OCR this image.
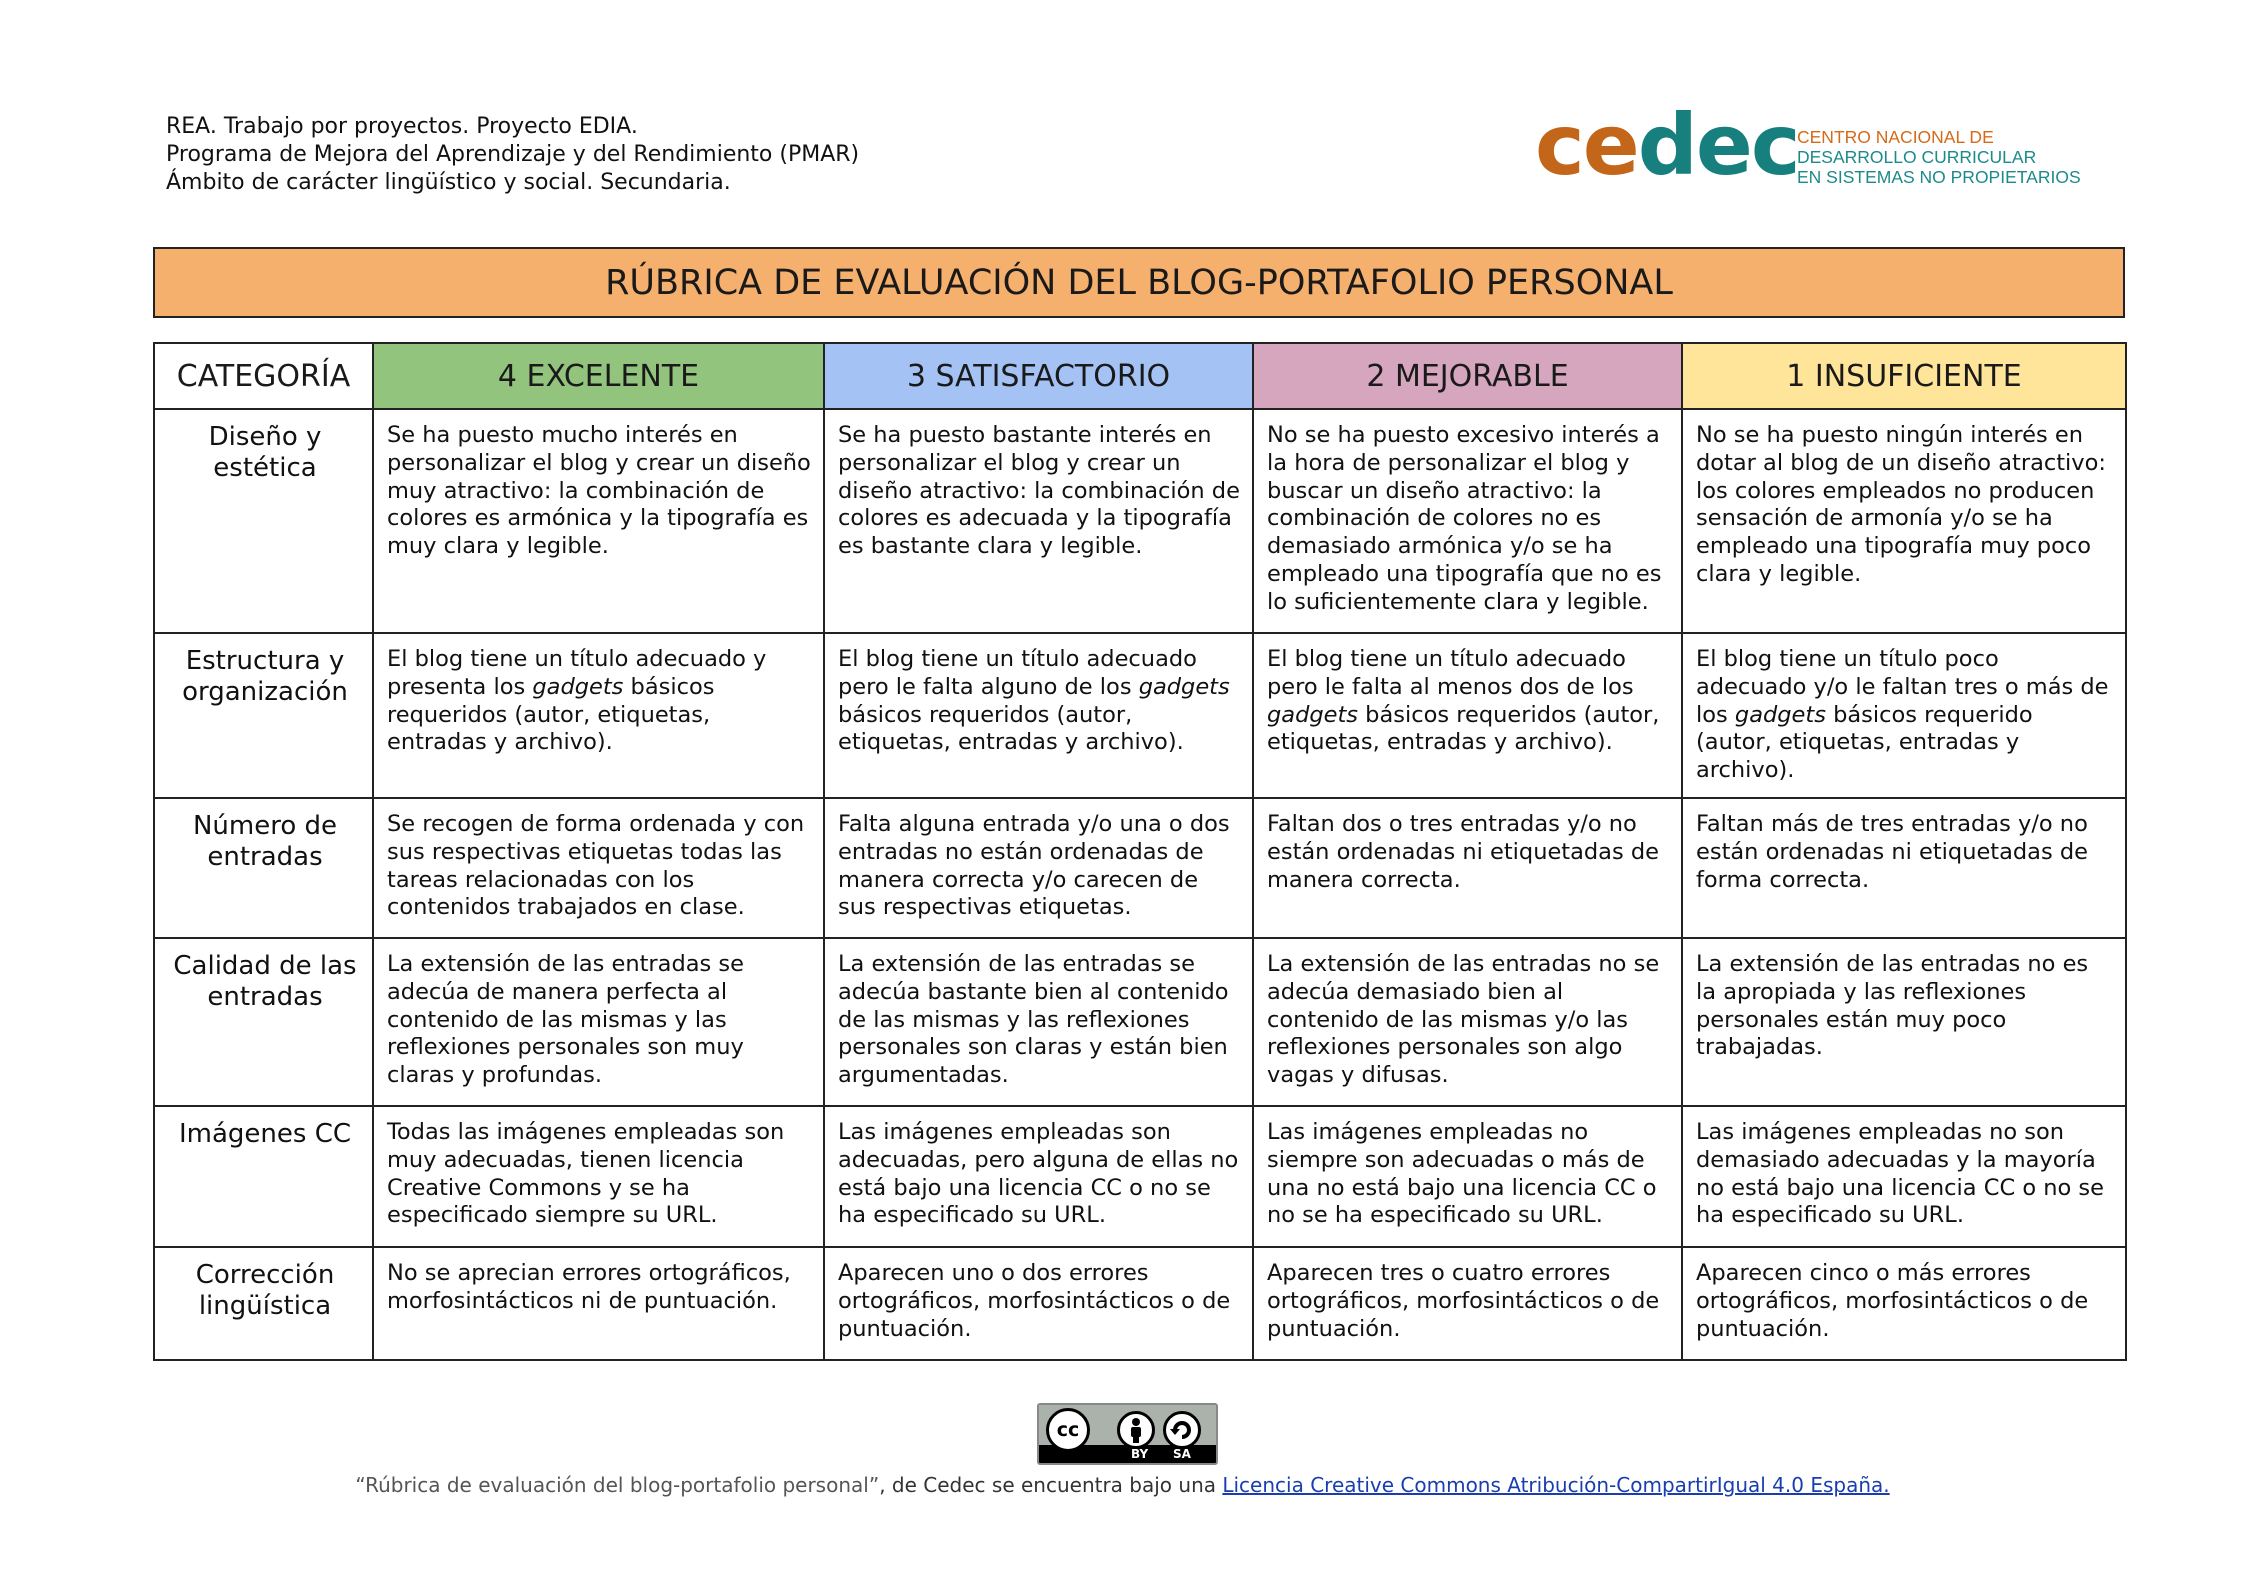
REA. Trabajo por proyectos. Proyecto EDIA.
Programa de Mejora del Aprendizaje y del Rendimiento (PMAR)
Ámbito de carácter lingüístico y social. Secundaria.	cedec
CENTRO NACIONAL DE
DESARROLLO CURRICULAR
EN SISTEMAS NO PROPIETARIOS
RÚBRICA DE EVALUACIÓN DEL BLOG-PORTAFOLIO PERSONAL
CATEGORÍA	4 EXCELENTE	3 SATISFACTORIO	2 MEJORABLE	1 INSUFICIENTE
Diseño y estética	Se ha puesto mucho interés en personalizar el blog y crear un diseño muy atractivo: la combinación de colores es armónica y la tipografía es muy clara y legible.	Se ha puesto bastante interés en personalizar el blog y crear un diseño atractivo: la combinación de colores es adecuada y la tipografía es bastante clara y legible.	No se ha puesto excesivo interés a la hora de personalizar el blog y buscar un diseño atractivo: la combinación de colores no es demasiado armónica y/o se ha empleado una tipografía que no es lo suficientemente clara y legible.	No se ha puesto ningún interés en dotar al blog de un diseño atractivo: los colores empleados no producen sensación de armonía y/o se ha empleado una tipografía muy poco clara y legible.
Estructura y organización	El blog tiene un título adecuado y presenta los gadgets básicos requeridos (autor, etiquetas, entradas y archivo).	El blog tiene un título adecuado pero le falta alguno de los gadgets básicos requeridos (autor, etiquetas, entradas y archivo).	El blog tiene un título adecuado pero le falta al menos dos de los gadgets básicos requeridos (autor, etiquetas, entradas y archivo).	El blog tiene un título poco adecuado y/o le faltan tres o más de los gadgets básicos requerido (autor, etiquetas, entradas y archivo).
Número de entradas	Se recogen de forma ordenada y con sus respectivas etiquetas todas las tareas relacionadas con los contenidos trabajados en clase.	Falta alguna entrada y/o una o dos entradas no están ordenadas de manera correcta y/o carecen de sus respectivas etiquetas.	Faltan dos o tres entradas y/o no están ordenadas ni etiquetadas de manera correcta.	Faltan más de tres entradas y/o no están ordenadas ni etiquetadas de forma correcta.
Calidad de las entradas	La extensión de las entradas se adecúa de manera perfecta al contenido de las mismas y las reflexiones personales son muy claras y profundas.	La extensión de las entradas se adecúa bastante bien al contenido de las mismas y las reflexiones personales son claras y están bien argumentadas.	La extensión de las entradas no se adecúa demasiado bien al contenido de las mismas y/o las reflexiones personales son algo vagas y difusas.	La extensión de las entradas no es la apropiada y las reflexiones personales están muy poco trabajadas.
Imágenes CC	Todas las imágenes empleadas son muy adecuadas, tienen licencia Creative Commons y se ha especificado siempre su URL.	Las imágenes empleadas son adecuadas, pero alguna de ellas no está bajo una licencia CC o no se ha especificado su URL.	Las imágenes empleadas no siempre son adecuadas o más de una no está bajo una licencia CC o no se ha especificado su URL.	Las imágenes empleadas no son demasiado adecuadas y la mayoría no está bajo una licencia CC o no se ha especificado su URL.
Corrección lingüística	No se aprecian errores ortográficos, morfosintácticos ni de puntuación.	Aparecen uno o dos errores ortográficos, morfosintácticos o de puntuación.	Aparecen tres o cuatro errores ortográficos, morfosintácticos o de puntuación.	Aparecen cinco o más errores ortográficos, morfosintácticos o de puntuación.
cc
BY SA
“Rúbrica de evaluación del blog-portafolio personal”, de Cedec se encuentra bajo una Licencia Creative Commons Atribución-CompartirIgual 4.0 España.
